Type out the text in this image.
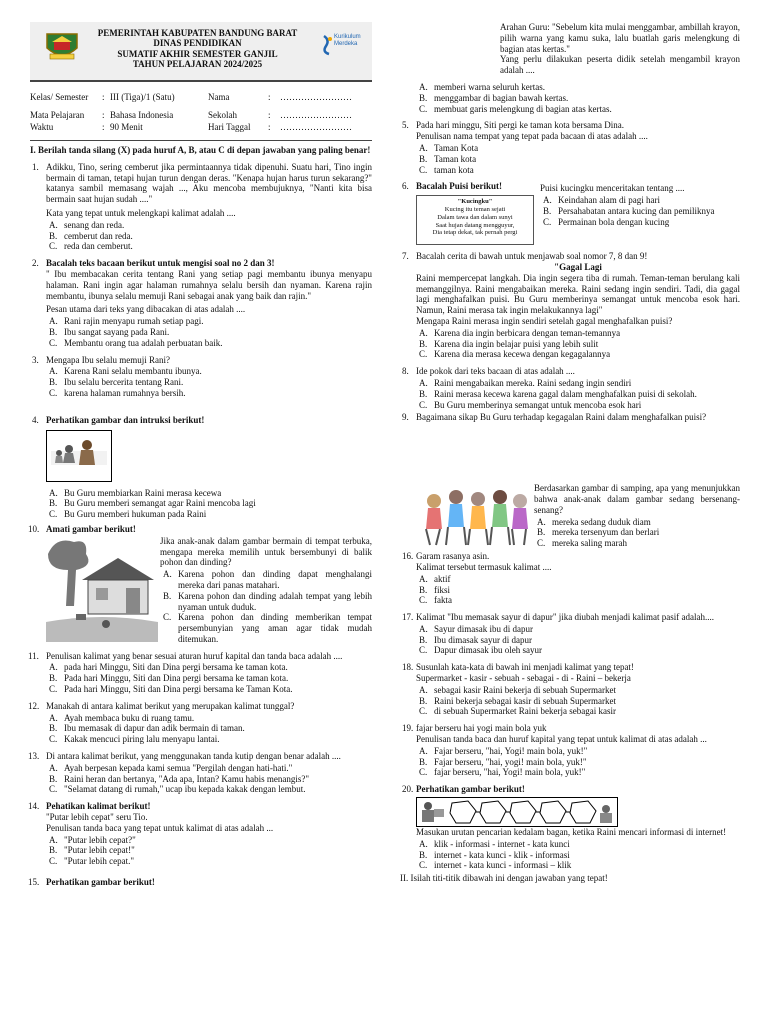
PEMERINTAH KABUPATEN BANDUNG BARAT
DINAS PENDIDIKAN
SUMATIF AKHIR SEMESTER GANJIL
TAHUN PELAJARAN 2024/2025
Kurikulum
Merdeka
Kelas/ Semester	: III (Tiga)/1 (Satu)	Nama	:	……………………
Mata Pelajaran	: Bahasa Indonesia	Sekolah	:	……………………
Waktu	: 90 Menit	Hari Taggal	:	……………………

I. Berilah tanda silang (X) pada huruf A, B, atau C di depan jawaban yang paling benar!

1. Adikku, Tino, sering cemberut jika permintaannya tidak dipenuhi. Suatu hari, Tino ingin bermain di taman, tetapi hujan turun dengan deras. "Kenapa hujan harus turun sekarang?" katanya sambil memasang wajah ..., Aku mencoba membujuknya, "Nanti kita bisa bermain saat hujan sudah ...."

Kata yang tepat untuk melengkapi kalimat adalah ....

A. senang dan reda.
B. cemberut dan reda.
C. reda dan cemberut.
2. Bacalah teks bacaan berikut untuk mengisi soal no 2 dan 3!

" Ibu membacakan cerita tentang Rani yang setiap pagi membantu ibunya menyapu halaman. Rani ingin agar halaman rumahnya selalu bersih dan nyaman. Karena rajin membantu, ibunya selalu memuji Rani sebagai anak yang baik dan rajin."

Pesan utama dari teks yang dibacakan di atas adalah ....

A. Rani rajin menyapu rumah setiap pagi.
B. Ibu sangat sayang pada Rani.
C. Membantu orang tua adalah perbuatan baik.
3. Mengapa Ibu selalu memuji Rani?

A. Karena Rani selalu membantu ibunya.
B. Ibu selalu bercerita tentang Rani.
C. karena halaman rumahnya bersih.
4. Perhatikan gambar dan intruksi berikut!

A. Bu Guru membiarkan Raini merasa kecewa
B. Bu Guru memberi semangat agar Raini mencoba lagi
C. Bu Guru memberi hukuman pada Raini
10. Amati gambar berikut!

Jika anak-anak dalam gambar bermain di tempat terbuka, mengapa mereka memilih untuk bersembunyi di balik pohon dan dinding?

A. Karena pohon dan dinding dapat menghalangi mereka dari panas matahari.
B. Karena pohon dan dinding adalah tempat yang lebih nyaman untuk duduk.
C. Karena pohon dan dinding memberikan tempat persembunyian yang aman agar tidak mudah ditemukan.
11. Penulisan kalimat yang benar sesuai aturan huruf kapital dan tanda baca adalah ....

A. pada hari Minggu, Siti dan Dina pergi bersama ke taman kota.
B. Pada hari Minggu, Siti dan Dina pergi bersama ke taman kota.
C. Pada hari Minggu, Siti dan Dina pergi bersama ke Taman Kota.
12. Manakah di antara kalimat berikut yang merupakan kalimat tunggal?

A. Ayah membaca buku di ruang tamu.
B. Ibu memasak di dapur dan adik bermain di taman.
C. Kakak mencuci piring lalu menyapu lantai.
13. Di antara kalimat berikut, yang menggunakan tanda kutip dengan benar adalah ....

A. Ayah berpesan kepada kami semua "Pergilah dengan hati-hati."
B. Raini heran dan bertanya, "Ada apa, Intan? Kamu habis menangis?"
C. "Selamat datang di rumah," ucap ibu kepada kakak dengan lembut.
14. Pehatikan kalimat berikut!

"Putar lebih cepat" seru Tio.

Penulisan tanda baca yang tepat untuk kalimat di atas adalah ...

A. "Putar lebih cepat?"
B. "Putar lebih cepat!"
C. "Putar lebih cepat."
15. Perhatikan gambar berikut!

Arahan Guru: "Sebelum kita mulai menggambar, ambillah krayon, pilih warna yang kamu suka, lalu buatlah garis melengkung di bagian atas kertas."

Yang perlu dilakukan peserta didik setelah mengambil krayon adalah ....

A. memberi warna seluruh kertas.
B. menggambar di bagian bawah kertas.
C. membuat garis melengkung di bagian atas kertas.
5. Pada hari minggu, Siti pergi ke taman kota bersama Dina.

Penulisan nama tempat yang tepat pada bacaan di atas adalah ....

A. Taman Kota
B. Taman kota
C. taman kota
6. Bacalah Puisi berikut!

"Kucingku"
Kucing itu teman sejati
Dalam tawa dan dalam sunyi
Saat hujan datang mengguyur,
Dia tetap dekat, tak pernah pergi

Puisi kucingku menceritakan tentang ....

A. Keindahan alam di pagi hari
B. Persahabatan antara kucing dan pemiliknya
C. Permainan bola dengan kucing
7. Bacalah cerita di bawah untuk menjawab soal nomor 7, 8 dan 9!

"Gagal Lagi

Raini mempercepat langkah. Dia ingin segera tiba di rumah. Teman-teman berulang kali memanggilnya. Raini mengabaikan mereka. Raini sedang ingin sendiri. Tadi, dia gagal lagi menghafalkan puisi. Bu Guru memberinya semangat untuk mencoba esok hari. Namun, Raini merasa tak ingin melakukannya lagi"

Mengapa Raini merasa ingin sendiri setelah gagal menghafalkan puisi?

A. Karena dia ingin berbicara dengan teman-temannya
B. Karena dia ingin belajar puisi yang lebih sulit
C. Karena dia merasa kecewa dengan kegagalannya
8. Ide pokok dari teks bacaan di atas adalah ....

A. Raini mengabaikan mereka. Raini sedang ingin sendiri
B. Raini merasa kecewa karena gagal dalam menghafalkan puisi di sekolah.
C. Bu Guru memberinya semangat untuk mencoba esok hari
9. Bagaimana sikap Bu Guru terhadap kegagalan Raini dalam menghafalkan puisi?

Berdasarkan gambar di samping, apa yang menunjukkan bahwa anak-anak dalam gambar sedang bersenang-senang?

A. mereka sedang duduk diam
B. mereka tersenyum dan berlari
C. mereka saling marah
16. Garam rasanya asin.

Kalimat tersebut termasuk kalimat ....

A. aktif
B. fiksi
C. fakta
17. Kalimat "Ibu memasak sayur di dapur" jika diubah menjadi kalimat pasif adalah....

A. Sayur dimasak ibu di dapur
B. Ibu dimasak sayur di dapur
C. Dapur dimasak ibu oleh sayur
18. Susunlah kata-kata di bawah ini menjadi kalimat yang tepat!

Supermarket - kasir - sebuah - sebagai - di - Raini – bekerja

A. sebagai kasir Raini bekerja di sebuah Supermarket
B. Raini bekerja sebagai kasir di sebuah Supermarket
C. di sebuah Supermarket Raini bekerja sebagai kasir
19. fajar berseru hai yogi main bola yuk

Penulisan tanda baca dan huruf kapital yang tepat untuk kalimat di atas adalah ...

A. Fajar berseru, "hai, Yogi! main bola, yuk!"
B. Fajar berseru, "hai, yogi! main bola, yuk!"
C. fajar berseru, "hai, Yogi! main bola, yuk!"
20. Perhatikan gambar berikut!

Masukan urutan pencarian kedalam bagan, ketika Raini mencari informasi di internet!

A. klik - informasi - internet - kata kunci
B. internet - kata kunci - klik - informasi
C. internet - kata kunci - informasi – klik

II. Isilah titi-titik dibawah ini dengan jawaban yang tepat!
